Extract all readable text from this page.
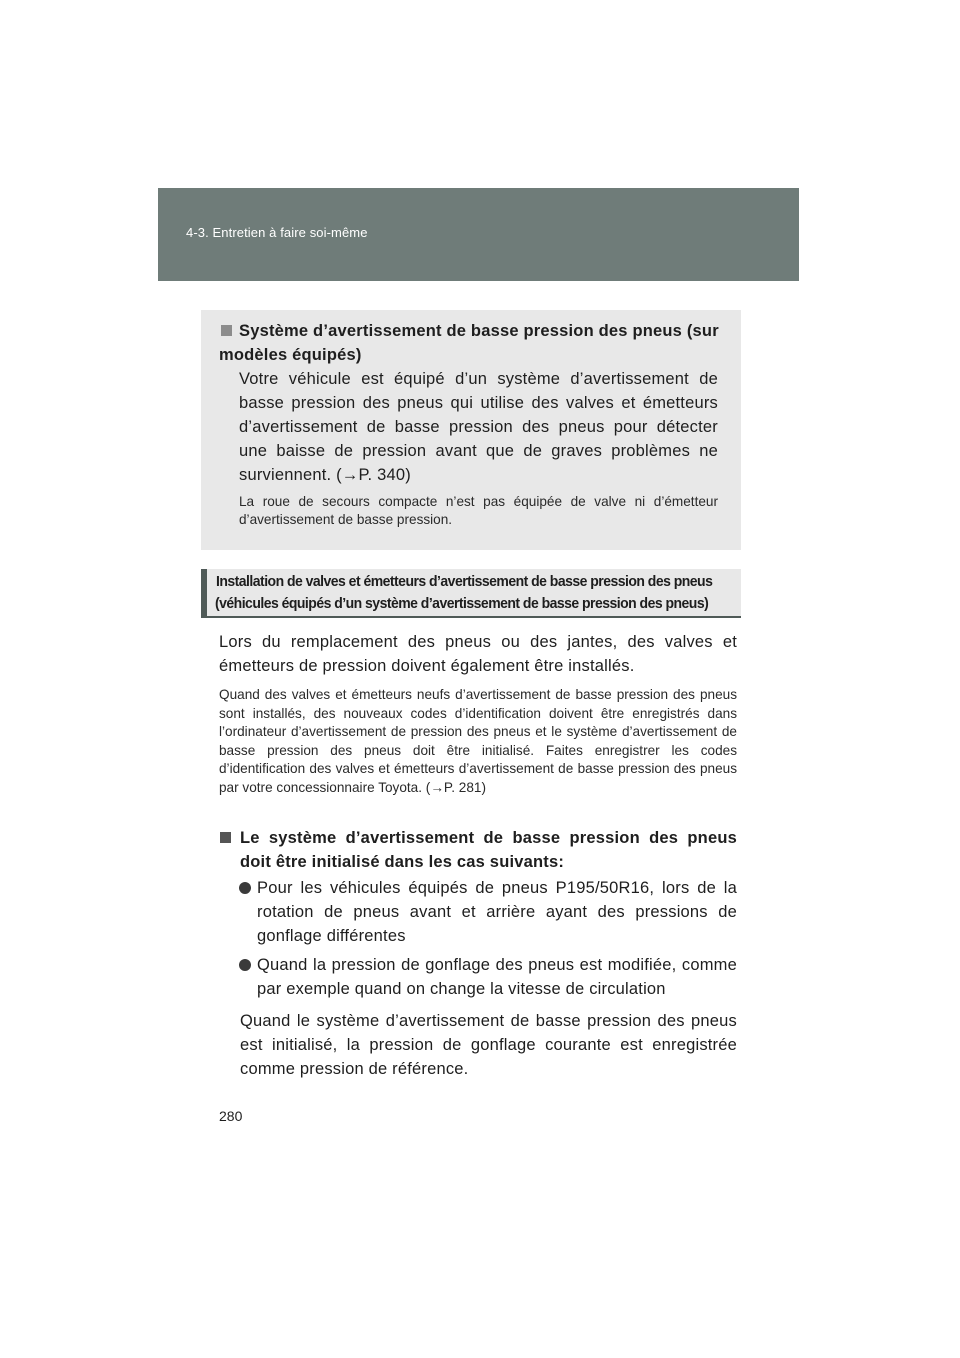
4-3. Entretien à faire soi-même
Système d’avertissement de basse pression des pneus (sur modèles équipés)
Votre véhicule est équipé d’un système d’avertissement de basse pression des pneus qui utilise des valves et émetteurs d’avertissement de basse pression des pneus pour détecter une baisse de pression avant que de graves problèmes ne surviennent. (→P. 340)
La roue de secours compacte n’est pas équipée de valve ni d’émetteur d’avertissement de basse pression.
Installation de valves et émetteurs d’avertissement de basse pression des pneus
(véhicules équipés d’un système d’avertissement de basse pression des pneus)
Lors du remplacement des pneus ou des jantes, des valves et émetteurs de pression doivent également être installés.
Quand des valves et émetteurs neufs d’avertissement de basse pression des pneus sont installés, des nouveaux codes d’identification doivent être enregistrés dans l’ordinateur d’avertissement de pression des pneus et le système d’avertissement de basse pression des pneus doit être initialisé. Faites enregistrer les codes d’identification des valves et émetteurs d’avertissement de basse pression des pneus par votre concessionnaire Toyota. (→P. 281)
Le système d’avertissement de basse pression des pneus doit être initialisé dans les cas suivants:
Pour les véhicules équipés de pneus P195/50R16, lors de la rotation de pneus avant et arrière ayant des pressions de gonflage différentes
Quand la pression de gonflage des pneus est modifiée, comme par exemple quand on change la vitesse de circulation
Quand le système d’avertissement de basse pression des pneus est initialisé, la pression de gonflage courante est enregistrée comme pression de référence.
280
